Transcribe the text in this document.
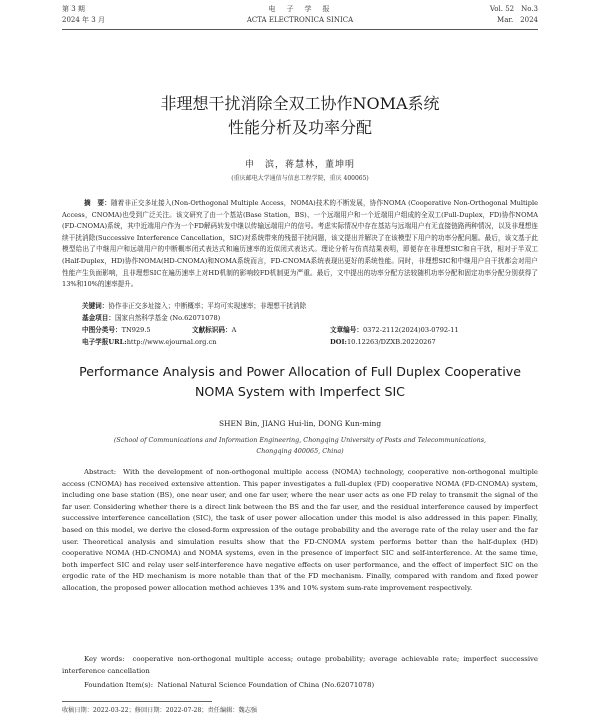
第 3 期
2024 年 3 月
电　子　学　报
ACTA ELECTRONICA SINICA
Vol. 52　No.3
Mar.　2024
非理想干扰消除全双工协作NOMA系统
性能分析及功率分配
申　滨，蒋慧林，董坤明
(重庆邮电大学通信与信息工程学院，重庆 400065)
摘　要：随着非正交多址接入(Non-Orthogonal Multiple Access，NOMA)技术的不断发展，协作NOMA (Cooperative Non-Orthogonal Multiple Access，CNOMA)也受到广泛关注。该文研究了由一个基站(Base Station，BS)、一个远端用户和一个近端用户组成的全双工(Full-Duplex，FD)协作NOMA (FD-CNOMA)系统，其中近端用户作为一个FD解码转发中继以传输远端用户的信号。考虑实际情况中存在基站与远端用户有无直接链路两种情况，以及非理想连续干扰消除(Successive Interference Cancellation，SIC)对系统带来的残留干扰问题，该文提出并解决了在该模型下用户的功率分配问题。最后，该文基于此模型给出了中继用户和远端用户的中断概率闭式表达式和遍历速率的近似闭式表达式。理论分析与仿真结果表明，即便存在非理想SIC和自干扰，相对于半双工(Half-Duplex，HD)协作NOMA(HD-CNOMA)和NOMA系统而言，FD-CNOMA系统表现出更好的系统性能。同时，非理想SIC和中继用户自干扰都会对用户性能产生负面影响，且非理想SIC在遍历速率上对HD机制的影响较FD机制更为严重。最后，文中提出的功率分配方法较随机功率分配和固定功率分配分别获得了13%和10%的速率提升。
关键词：协作非正交多址接入；中断概率；平均可实现速率；非理想干扰消除
基金项目：国家自然科学基金 (No.62071078)
中图分类号：TN929.5	文献标识码：A	文章编号：0372-2112(2024)03-0792-11
电子学报URL:http://www.ejournal.org.cn	DOI:10.12263/DZXB.20220267
Performance Analysis and Power Allocation of Full Duplex Cooperative
NOMA System with Imperfect SIC
SHEN Bin, JIANG Hui-lin, DONG Kun-ming
(School of Communications and Information Engineering, Chongqing University of Posts and Telecommunications,
Chongqing 400065, China)
Abstract: With the development of non-orthogonal multiple access (NOMA) technology, cooperative non-orthogonal multiple access (CNOMA) has received extensive attention. This paper investigates a full-duplex (FD) cooperative NOMA (FD-CNOMA) system, including one base station (BS), one near user, and one far user, where the near user acts as one FD relay to transmit the signal of the far user. Considering whether there is a direct link between the BS and the far user, and the residual interference caused by imperfect successive interference cancellation (SIC), the task of user power allocation under this model is also addressed in this paper. Finally, based on this model, we derive the closed-form expression of the outage probability and the average rate of the relay user and the far user. Theoretical analysis and simulation results show that the FD-CNOMA system performs better than the half-duplex (HD) cooperative NOMA (HD-CNOMA) and NOMA systems, even in the presence of imperfect SIC and self-interference. At the same time, both imperfect SIC and relay user self-interference have negative effects on user performance, and the effect of imperfect SIC on the ergodic rate of the HD mechanism is more notable than that of the FD mechanism. Finally, compared with random and fixed power allocation, the proposed power allocation method achieves 13% and 10% system sum-rate improvement respectively.
Key words: cooperative non-orthogonal multiple access; outage probability; average achievable rate; imperfect successive interference cancellation
Foundation Item(s): National Natural Science Foundation of China (No.62071078)
收稿日期：2022-03-22；修回日期：2022-07-28；责任编辑：魏志强
